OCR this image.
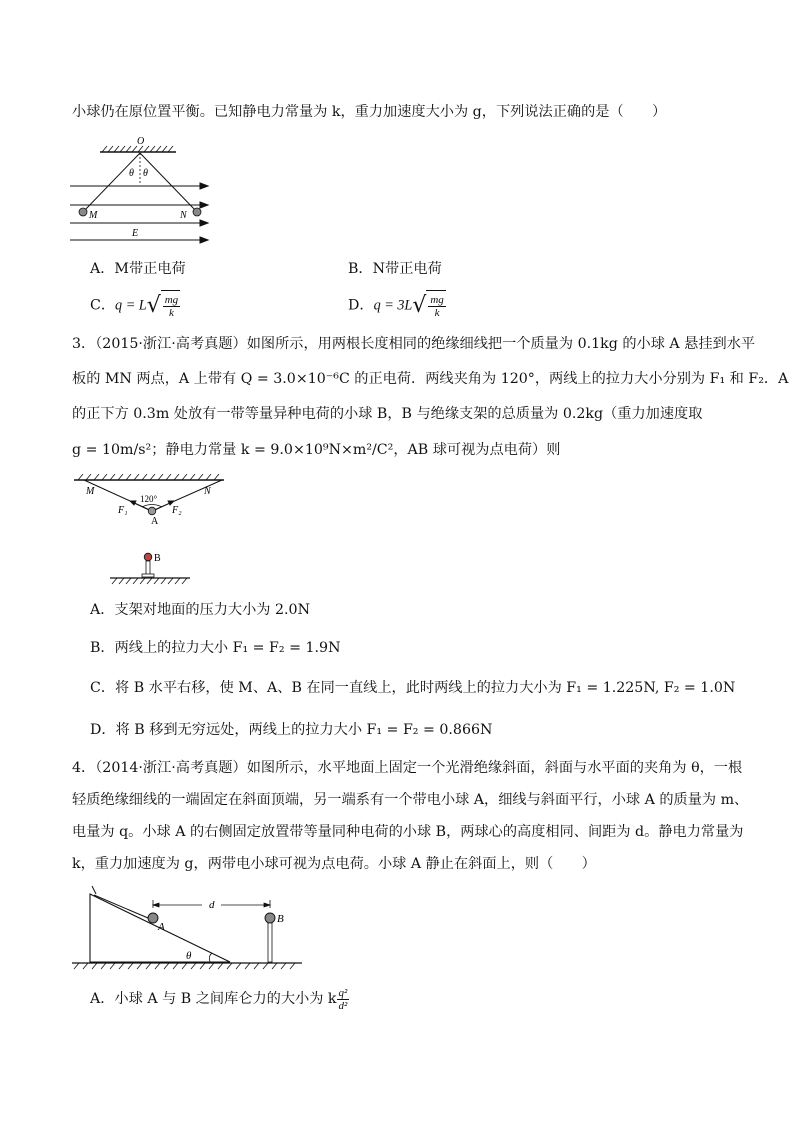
小球仍在原位置平衡。已知静电力常量为 k，重力加速度大小为 g，下列说法正确的是（　　）
O
θ θ
M	N
E
A．M带正电荷	B．N带正电荷
C．q = L √ $\frac{mg}{k}$	D．q = 3L √ $\frac{mg}{k}$
3．（2015·浙江·高考真题）如图所示，用两根长度相同的绝缘细线把一个质量为 0.1kg 的小球 A 悬挂到水平
板的 MN 两点，A 上带有 Q = 3.0×10⁻⁶C 的正电荷．两线夹角为 120°，两线上的拉力大小分别为 F₁ 和 F₂．A
的正下方 0.3m 处放有一带等量异种电荷的小球 B，B 与绝缘支架的总质量为 0.2kg（重力加速度取
g = 10m/s²；静电力常量 k = 9.0×10⁹N×m²/C²，AB 球可视为点电荷）则
M	N
120°
F₁	F₂
A
B
A．支架对地面的压力大小为 2.0N
B．两线上的拉力大小 F₁ = F₂ = 1.9N
C．将 B 水平右移，使 M、A、B 在同一直线上，此时两线上的拉力大小为 F₁ = 1.225N, F₂ = 1.0N
D．将 B 移到无穷远处，两线上的拉力大小 F₁ = F₂ = 0.866N
4．（2014·浙江·高考真题）如图所示，水平地面上固定一个光滑绝缘斜面，斜面与水平面的夹角为 θ，一根
轻质绝缘细线的一端固定在斜面顶端，另一端系有一个带电小球 A，细线与斜面平行，小球 A 的质量为 m、
电量为 q。小球 A 的右侧固定放置带等量同种电荷的小球 B，两球心的高度相同、间距为 d。静电力常量为
k，重力加速度为 g，两带电小球可视为点电荷。小球 A 静止在斜面上，则（　　）
A
d
B
θ
A．小球 A 与 B 之间库仑力的大小为 k $\frac{\text{q²}}{\text{d²}}$
